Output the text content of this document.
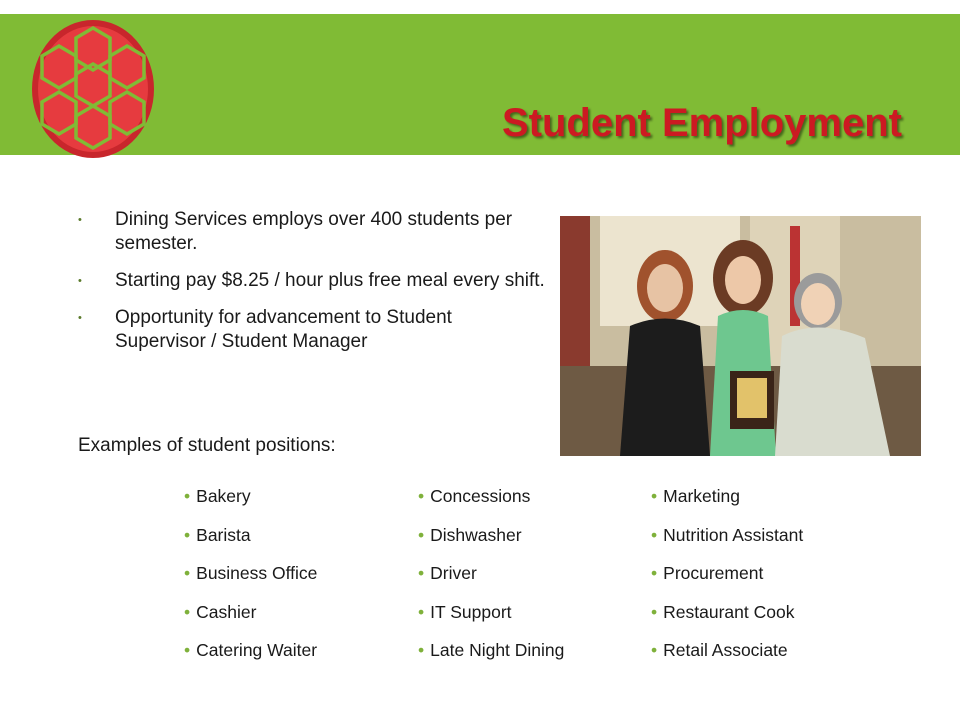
Student Employment
• Dining Services employs over 400 students per semester.
• Starting pay $8.25 / hour plus free meal every shift.
• Opportunity for advancement to Student Supervisor / Student Manager

Examples of student positions:

• Bakery
• Barista
• Business Office
• Cashier
• Catering Waiter
• Concessions
• Dishwasher
• Driver
• IT Support
• Late Night Dining
• Marketing
• Nutrition Assistant
• Procurement
• Restaurant Cook
• Retail Associate
